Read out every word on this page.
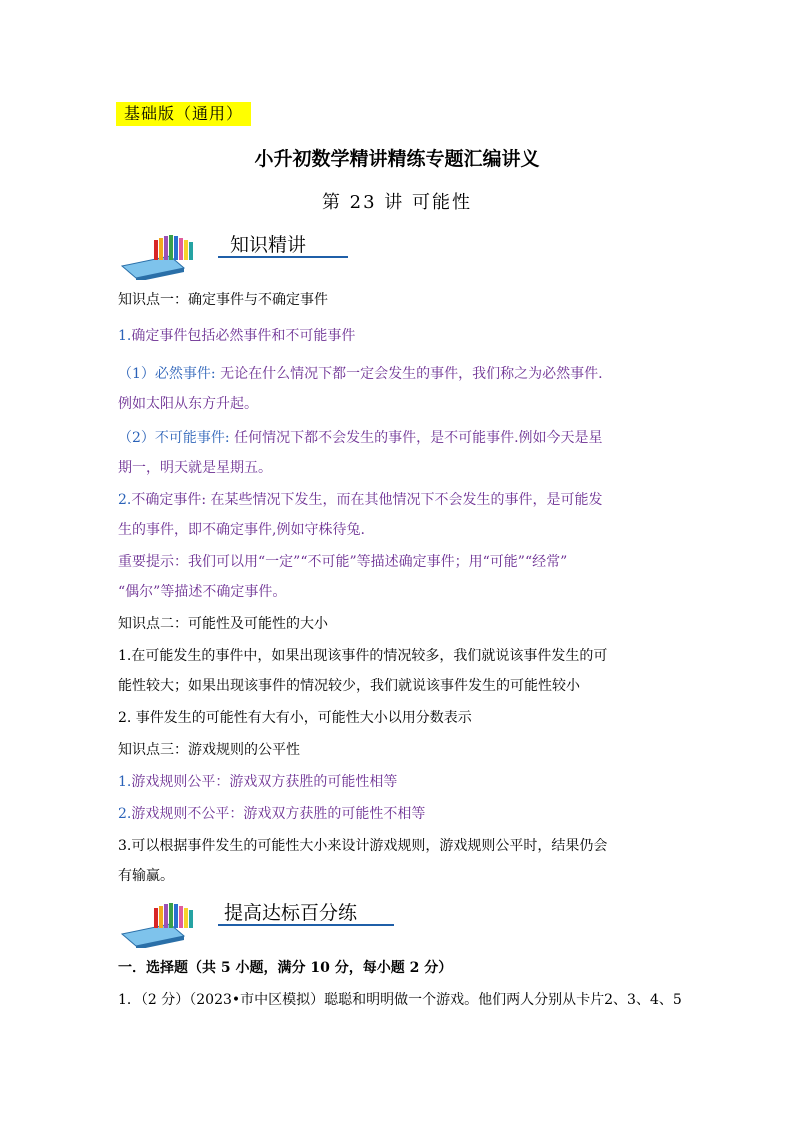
基础版（通用）
小升初数学精讲精练专题汇编讲义
第 23 讲 可能性
知识精讲
知识点一：确定事件与不确定事件
1.确定事件包括必然事件和不可能事件
（1）必然事件: 无论在什么情况下都一定会发生的事件，我们称之为必然事件.
例如太阳从东方升起。
（2）不可能事件: 任何情况下都不会发生的事件，是不可能事件.例如今天是星
期一，明天就是星期五。
2.不确定事件: 在某些情况下发生，而在其他情况下不会发生的事件，是可能发
生的事件，即不确定事件,例如守株待兔.
重要提示：我们可以用“一定”“不可能”等描述确定事件；用“可能”“经常”
“偶尔”等描述不确定事件。
知识点二：可能性及可能性的大小
1.在可能发生的事件中，如果出现该事件的情况较多，我们就说该事件发生的可
能性较大；如果出现该事件的情况较少，我们就说该事件发生的可能性较小
2. 事件发生的可能性有大有小，可能性大小以用分数表示
知识点三：游戏规则的公平性
1.游戏规则公平：游戏双方获胜的可能性相等
2.游戏规则不公平：游戏双方获胜的可能性不相等
3.可以根据事件发生的可能性大小来设计游戏规则，游戏规则公平时，结果仍会
有输赢。
提高达标百分练
一．选择题（共 5 小题，满分 10 分，每小题 2 分）
1．（2 分）（2023•市中区模拟）聪聪和明明做一个游戏。他们两人分别从卡片2、3、4、5
